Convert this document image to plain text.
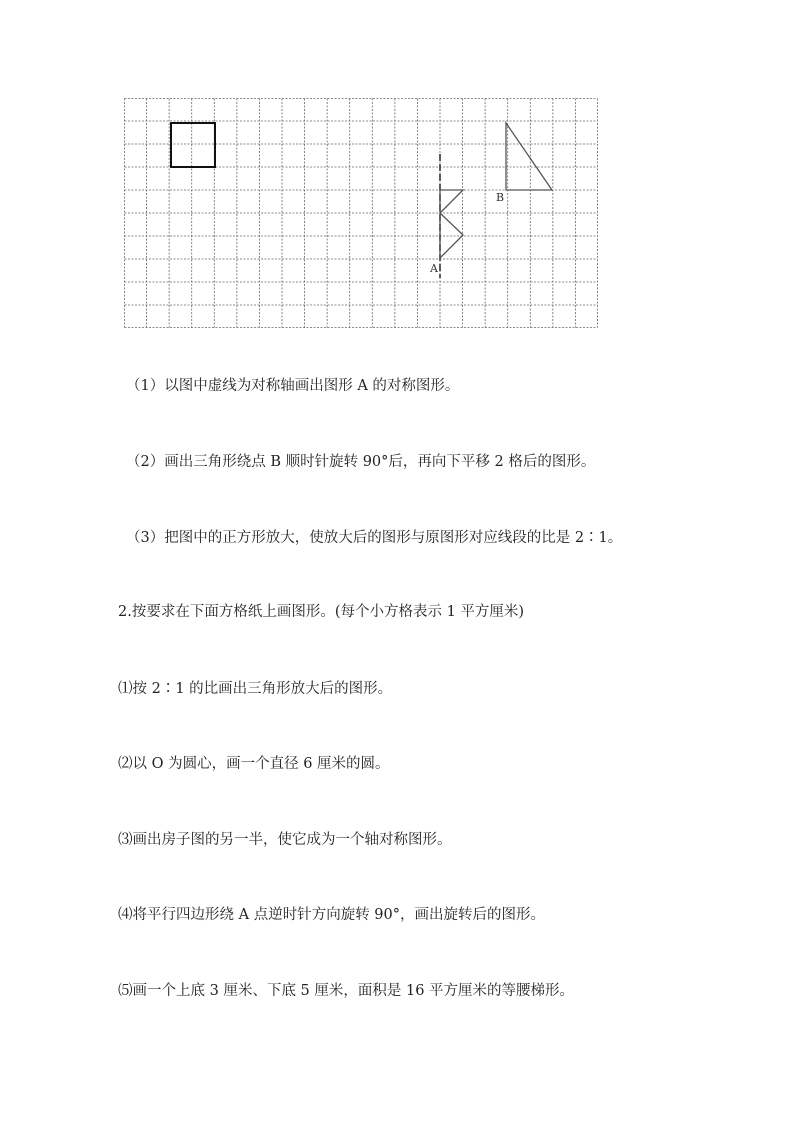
A
B
（1）以图中虚线为对称轴画出图形 A 的对称图形。
（2）画出三角形绕点 B 顺时针旋转 90°后，再向下平移 2 格后的图形。
（3）把图中的正方形放大，使放大后的图形与原图形对应线段的比是 2∶1。
2.按要求在下面方格纸上画图形。(每个小方格表示 1 平方厘米)
⑴按 2∶1 的比画出三角形放大后的图形。
⑵以 O 为圆心，画一个直径 6 厘米的圆。
⑶画出房子图的另一半，使它成为一个轴对称图形。
⑷将平行四边形绕 A 点逆时针方向旋转 90°，画出旋转后的图形。
⑸画一个上底 3 厘米、下底 5 厘米，面积是 16 平方厘米的等腰梯形。
